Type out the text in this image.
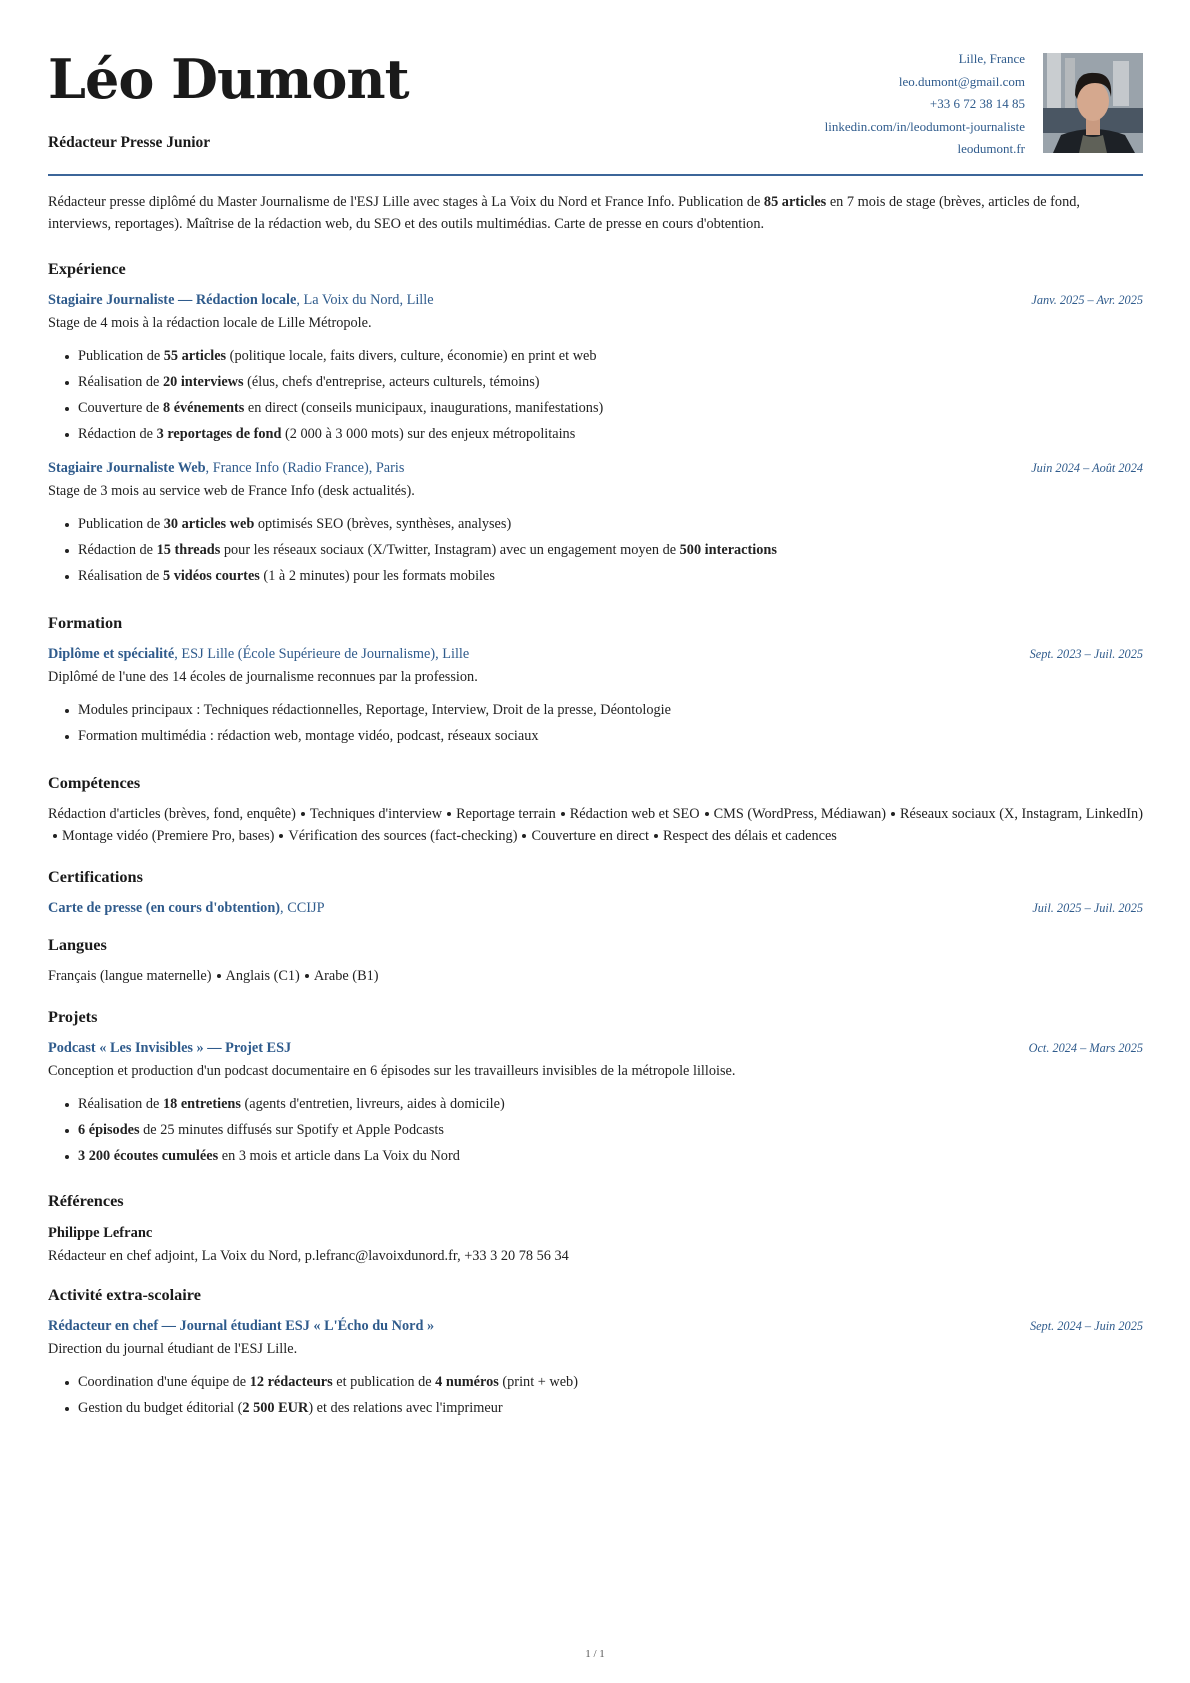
Léo Dumont
Rédacteur Presse Junior
Lille, France
leo.dumont@gmail.com
+33 6 72 38 14 85
linkedin.com/in/leodumont-journaliste
leodumont.fr
Rédacteur presse diplômé du Master Journalisme de l'ESJ Lille avec stages à La Voix du Nord et France Info. Publication de 85 articles en 7 mois de stage (brèves, articles de fond, interviews, reportages). Maîtrise de la rédaction web, du SEO et des outils multimédias. Carte de presse en cours d'obtention.
Expérience
Stagiaire Journaliste — Rédaction locale, La Voix du Nord, Lille	Janv. 2025 – Avr. 2025
Stage de 4 mois à la rédaction locale de Lille Métropole.
Publication de 55 articles (politique locale, faits divers, culture, économie) en print et web
Réalisation de 20 interviews (élus, chefs d'entreprise, acteurs culturels, témoins)
Couverture de 8 événements en direct (conseils municipaux, inaugurations, manifestations)
Rédaction de 3 reportages de fond (2 000 à 3 000 mots) sur des enjeux métropolitains
Stagiaire Journaliste Web, France Info (Radio France), Paris	Juin 2024 – Août 2024
Stage de 3 mois au service web de France Info (desk actualités).
Publication de 30 articles web optimisés SEO (brèves, synthèses, analyses)
Rédaction de 15 threads pour les réseaux sociaux (X/Twitter, Instagram) avec un engagement moyen de 500 interactions
Réalisation de 5 vidéos courtes (1 à 2 minutes) pour les formats mobiles
Formation
Diplôme et spécialité, ESJ Lille (École Supérieure de Journalisme), Lille	Sept. 2023 – Juil. 2025
Diplômé de l'une des 14 écoles de journalisme reconnues par la profession.
Modules principaux : Techniques rédactionnelles, Reportage, Interview, Droit de la presse, Déontologie
Formation multimédia : rédaction web, montage vidéo, podcast, réseaux sociaux
Compétences
Rédaction d'articles (brèves, fond, enquête) Techniques d'interview Reportage terrain Rédaction web et SEO CMS (WordPress, Médiawan) Réseaux sociaux (X, Instagram, LinkedIn)Montage vidéo (Premiere Pro, bases) Vérification des sources (fact-checking) Couverture en direct Respect des délais et cadences
Certifications
Carte de presse (en cours d'obtention), CCIJP	Juil. 2025 – Juil. 2025
Langues
Français (langue maternelle) Anglais (C1) Arabe (B1)
Projets
Podcast « Les Invisibles » — Projet ESJ	Oct. 2024 – Mars 2025
Conception et production d'un podcast documentaire en 6 épisodes sur les travailleurs invisibles de la métropole lilloise.
Réalisation de 18 entretiens (agents d'entretien, livreurs, aides à domicile)
6 épisodes de 25 minutes diffusés sur Spotify et Apple Podcasts
3 200 écoutes cumulées en 3 mois et article dans La Voix du Nord
Références
Philippe Lefranc
Rédacteur en chef adjoint, La Voix du Nord, p.lefranc@lavoixdunord.fr, +33 3 20 78 56 34
Activité extra-scolaire
Rédacteur en chef — Journal étudiant ESJ « L'Écho du Nord »	Sept. 2024 – Juin 2025
Direction du journal étudiant de l'ESJ Lille.
Coordination d'une équipe de 12 rédacteurs et publication de 4 numéros (print + web)
Gestion du budget éditorial (2 500 EUR) et des relations avec l'imprimeur
1 / 1
